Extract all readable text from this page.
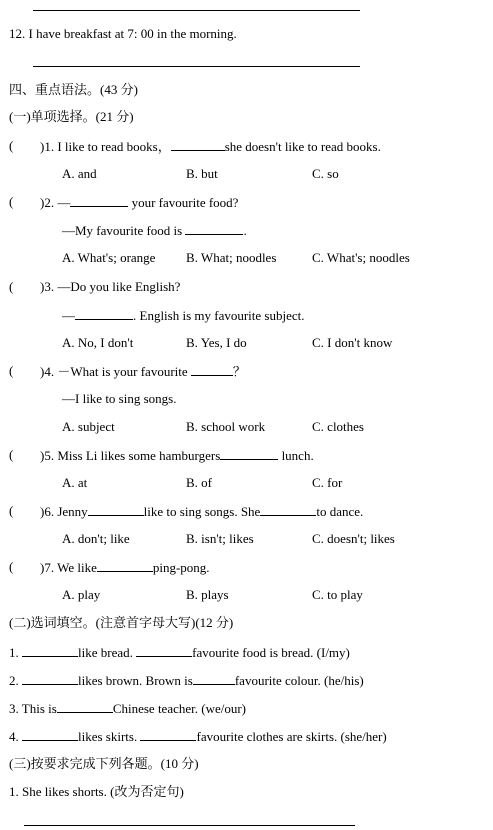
12. I have breakfast at 7: 00 in the morning.
四、重点语法。(43 分)
(一)单项选择。(21 分)
( )1. I like to read books，	she doesn't like to read books.
A. and	B. but	C. so
( )2. —	your favourite food?
—My favourite food is	.
A. What's; orange B. What; noodles	C. What's; noodles
( )3. —Do you like English?
—	. English is my favourite subject.
A. No, I don't	B. Yes, I do	C. I don't know
( )4. －What is your favourite	？
—I like to sing songs.
A. subject	B. school work	C. clothes
( )5. Miss Li likes some hamburgers	lunch.
A. at	B. of	C. for
( )6. Jenny	like to sing songs. She	to dance.
A. don't; like	B. isn't; likes	C. doesn't; likes
( )7. We like	ping-pong.
A. play	B. plays	C. to play
(二)选词填空。(注意首字母大写)(12 分)
1.	like bread.	favourite food is bread. (I/my)
2.	likes brown. Brown is	favourite colour. (he/his)
3. This is	Chinese teacher. (we/our)
4.	likes skirts.	favourite clothes are skirts. (she/her)
(三)按要求完成下列各题。(10 分)
1. She likes shorts. (改为否定句)
